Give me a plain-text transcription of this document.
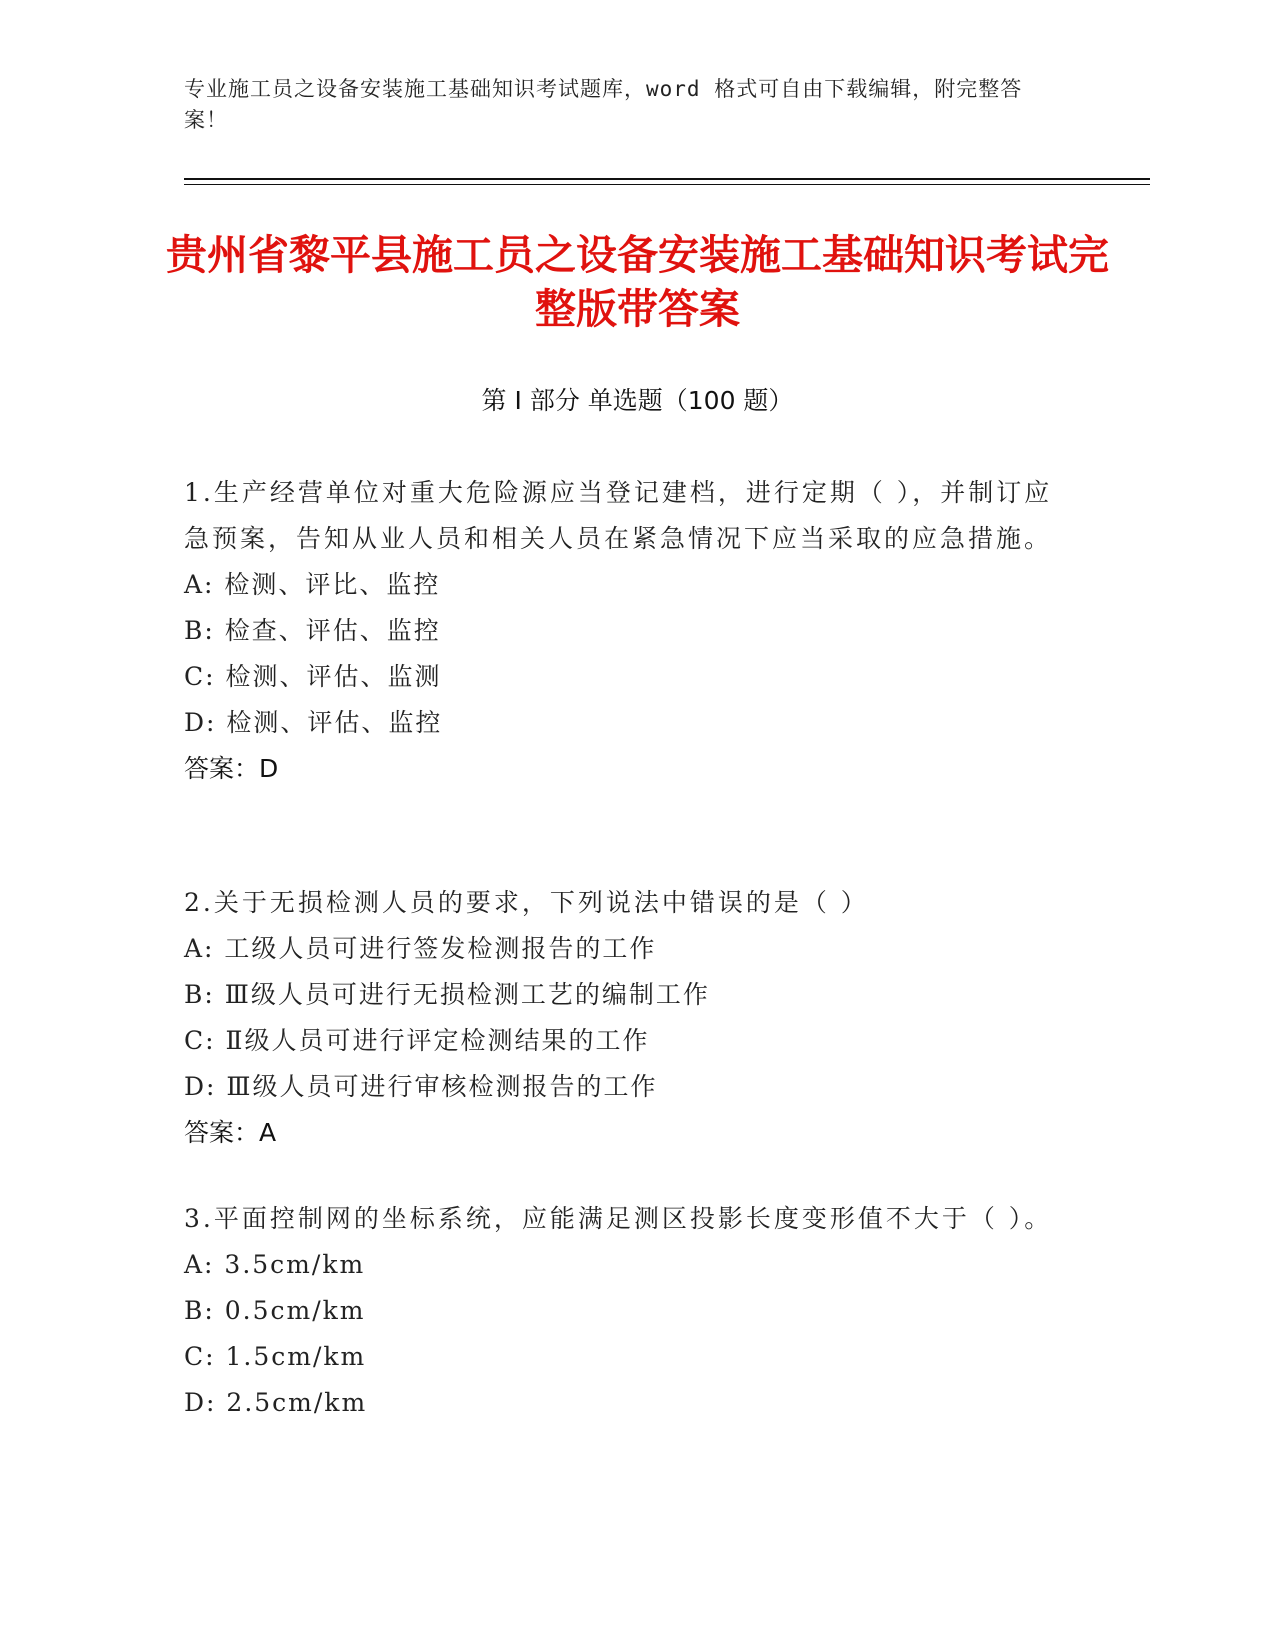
专业施工员之设备安装施工基础知识考试题库，word 格式可自由下载编辑，附完整答案！
贵州省黎平县施工员之设备安装施工基础知识考试完整版带答案
第 I 部分 单选题（100 题）
1.生产经营单位对重大危险源应当登记建档，进行定期（ ），并制订应急预案，告知从业人员和相关人员在紧急情况下应当采取的应急措施。
A: 检测、评比、监控
B: 检查、评估、监控
C: 检测、评估、监测
D: 检测、评估、监控
答案：D
2.关于无损检测人员的要求，下列说法中错误的是（ ）
A: 工级人员可进行签发检测报告的工作
B: Ⅲ级人员可进行无损检测工艺的编制工作
C: Ⅱ级人员可进行评定检测结果的工作
D: Ⅲ级人员可进行审核检测报告的工作
答案：A
3.平面控制网的坐标系统，应能满足测区投影长度变形值不大于（ ）。
A: 3.5cm/km
B: 0.5cm/km
C: 1.5cm/km
D: 2.5cm/km
